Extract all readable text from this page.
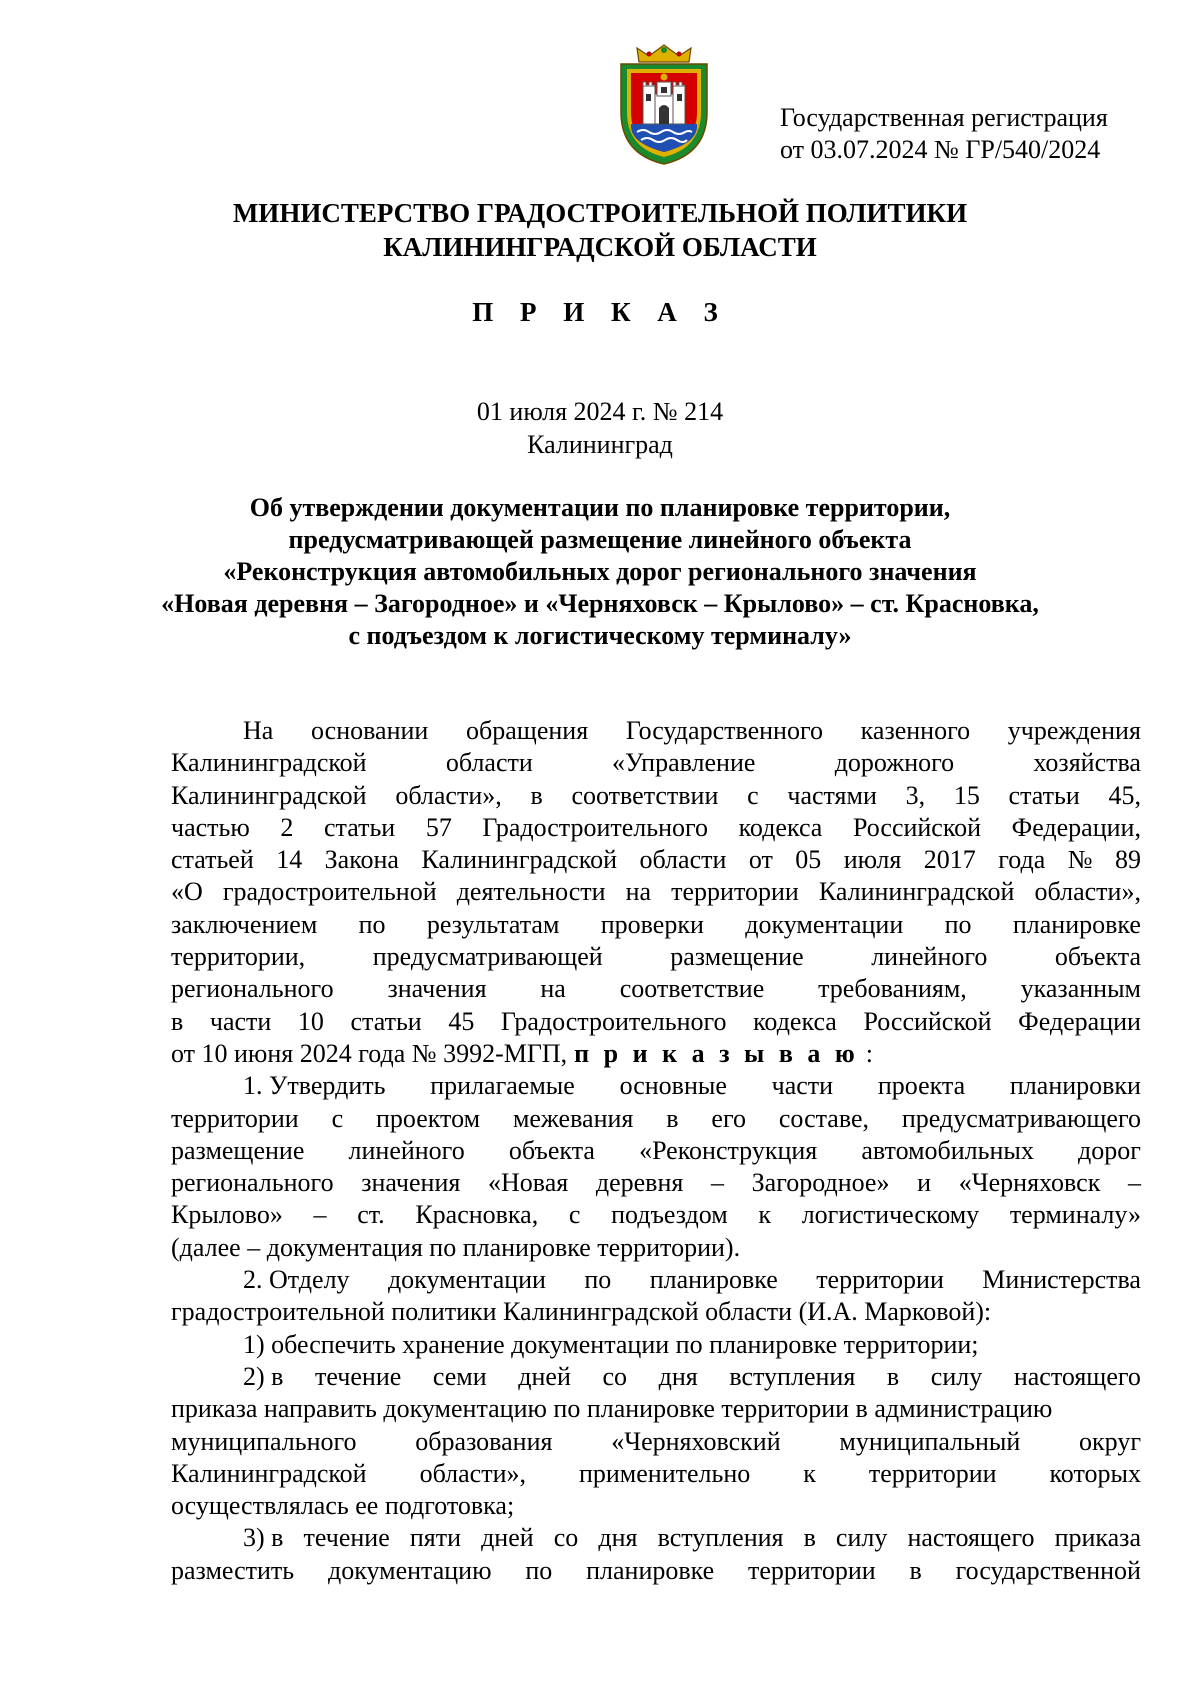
Государственная регистрация
от 03.07.2024 № ГР/540/2024
МИНИСТЕРСТВО ГРАДОСТРОИТЕЛЬНОЙ ПОЛИТИКИ
КАЛИНИНГРАДСКОЙ ОБЛАСТИ
П Р И К А З
01 июля 2024 г. № 214
Калининград
Об утверждении документации по планировке территории,
предусматривающей размещение линейного объекта
«Реконструкция автомобильных дорог регионального значения
«Новая деревня – Загородное» и «Черняховск – Крылово» – ст. Красновка,
с подъездом к логистическому терминалу»
На основании обращения Государственного казенного учреждения
Калининградской	области	«Управление	дорожного	хозяйства
Калининградской области», в соответствии с частями 3, 15 статьи 45,
частью 2 статьи 57 Градостроительного кодекса Российской Федерации,
статьей 14 Закона Калининградской области от 05 июля 2017 года № 89
«О градостроительной деятельности на территории Калининградской области»,
заключением по результатам проверки документации по планировке
территории,	предусматривающей	размещение	линейного	объекта
регионального значения на соответствие требованиям, указанным
в части 10 статьи 45 Градостроительного кодекса Российской Федерации
от 10 июня 2024 года № 3992-МГП, п р и к а з ы в а ю :
1. Утвердить прилагаемые основные части проекта планировки
территории с проектом межевания в его составе, предусматривающего
размещение линейного объекта «Реконструкция автомобильных дорог
регионального значения «Новая деревня – Загородное» и «Черняховск –
Крылово» – ст. Красновка, с подъездом к логистическому терминалу»
(далее – документация по планировке территории).
2. Отделу документации по планировке территории Министерства
градостроительной политики Калининградской области (И.А. Марковой):
1) обеспечить хранение документации по планировке территории;
2) в течение семи дней со дня вступления в силу настоящего
приказа направить документацию по планировке территории в администрацию
муниципального образования «Черняховский муниципальный округ
Калининградской области», применительно к территории которых
осуществлялась ее подготовка;
3) в течение пяти дней со дня вступления в силу настоящего приказа
разместить документацию по планировке территории в государственной
